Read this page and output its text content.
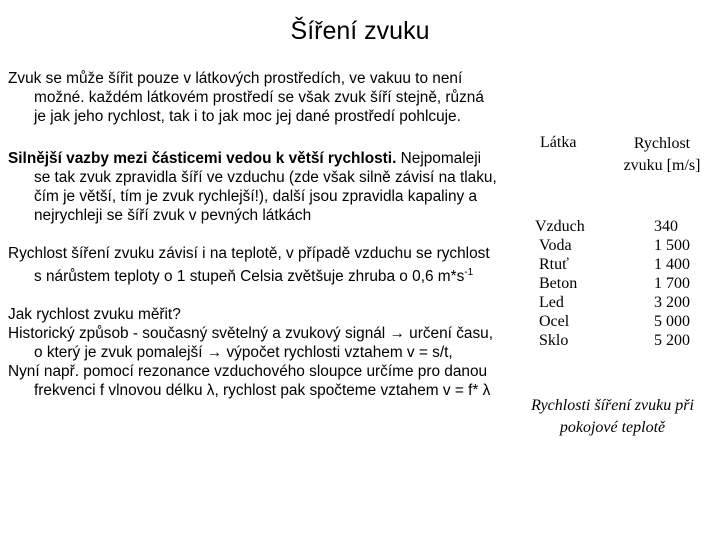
Šíření zvuku

Zvuk se může šířit pouze v látkových prostředích, ve vakuu to není možné. každém látkovém prostředí se však zvuk šíří stejně, různá je jak jeho rychlost, tak i to jak moc jej dané prostředí pohlcuje.

Silnější vazby mezi částicemi vedou k větší rychlosti. Nejpomaleji se tak zvuk zpravidla šíří ve vzduchu (zde však silně závisí na tlaku, čím je větší, tím je zvuk rychlejší!), další jsou zpravidla kapaliny a nejrychleji se šíří zvuk v pevných látkách

Rychlost šíření zvuku závisí i na teplotě, v případě vzduchu se rychlost s nárůstem teploty o 1 stupeň Celsia zvětšuje zhruba o 0,6 $m*s^{-1}$

Jak rychlost zvuku měřit?

Historický způsob - současný světelný a zvukový signál → určení času, o který je zvuk pomalejší → výpočet rychlosti vztahem v = s/t,

Nyní např. pomocí rezonance vzduchového sloupce určíme pro danou frekvenci f vlnovou délku λ, rychlost pak spočteme vztahem v = f* λ

Látka	Rychlost zvuku [m/s]
Vzduch
Voda
Rtuť
Beton
Led
Ocel
Sklo
340
1 500
1 400
1 700
3 200
5 000
5 200
Rychlosti šíření zvuku při pokojové teplotě
